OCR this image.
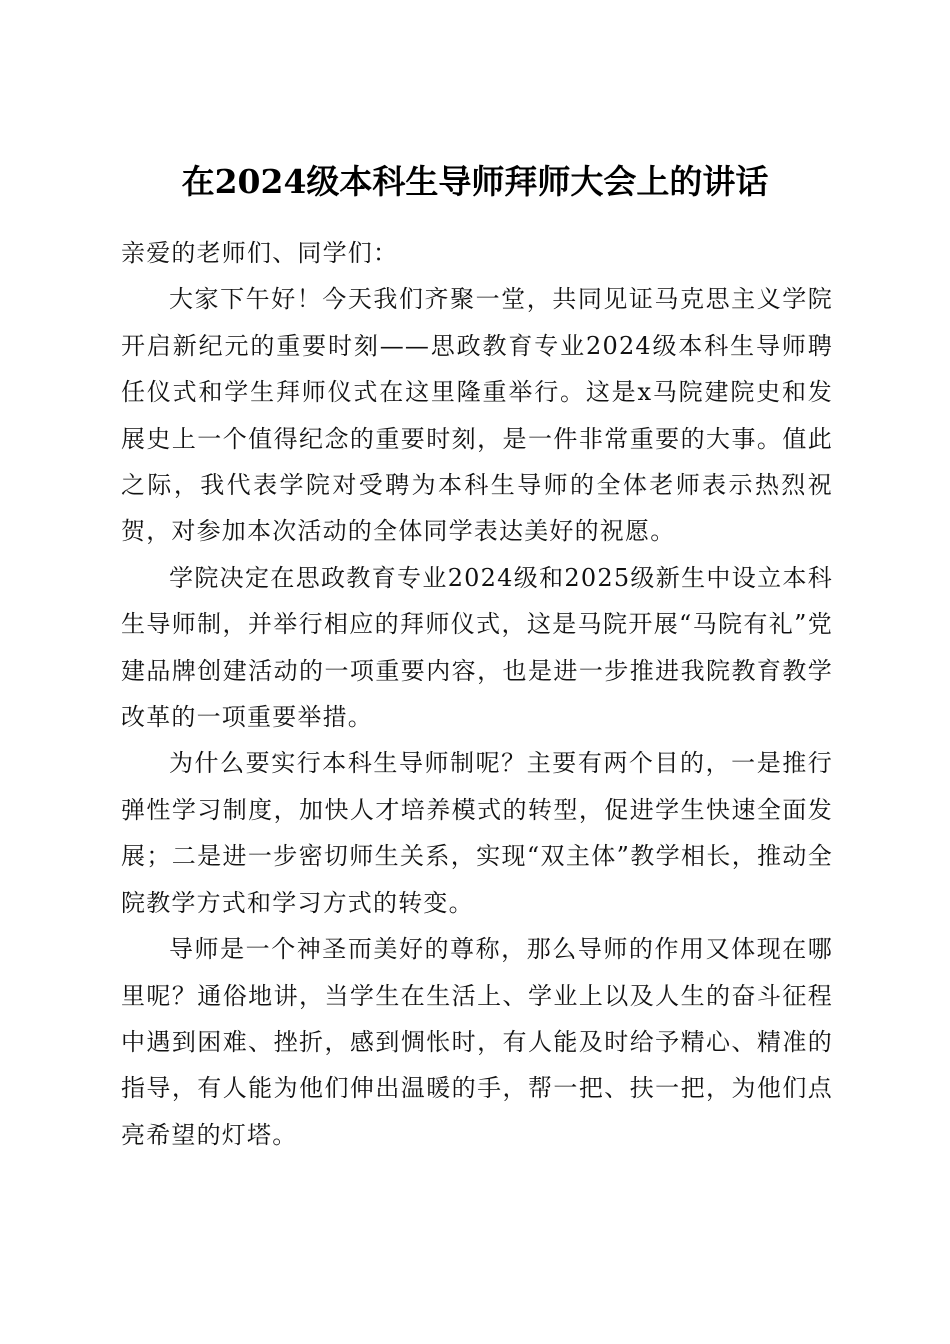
在2024级本科生导师拜师大会上的讲话

亲爱的老师们、同学们：

大家下午好！今天我们齐聚一堂，共同见证马克思主义学院开启新纪元的重要时刻——思政教育专业2024级本科生导师聘任仪式和学生拜师仪式在这里隆重举行。这是x马院建院史和发展史上一个值得纪念的重要时刻，是一件非常重要的大事。值此之际，我代表学院对受聘为本科生导师的全体老师表示热烈祝贺，对参加本次活动的全体同学表达美好的祝愿。

学院决定在思政教育专业2024级和2025级新生中设立本科生导师制，并举行相应的拜师仪式，这是马院开展“马院有礼”党建品牌创建活动的一项重要内容，也是进一步推进我院教育教学改革的一项重要举措。

为什么要实行本科生导师制呢？主要有两个目的，一是推行弹性学习制度，加快人才培养模式的转型，促进学生快速全面发展；二是进一步密切师生关系，实现“双主体”教学相长，推动全院教学方式和学习方式的转变。

导师是一个神圣而美好的尊称，那么导师的作用又体现在哪里呢？通俗地讲，当学生在生活上、学业上以及人生的奋斗征程中遇到困难、挫折，感到惆怅时，有人能及时给予精心、精准的指导，有人能为他们伸出温暖的手，帮一把、扶一把，为他们点亮希望的灯塔。
